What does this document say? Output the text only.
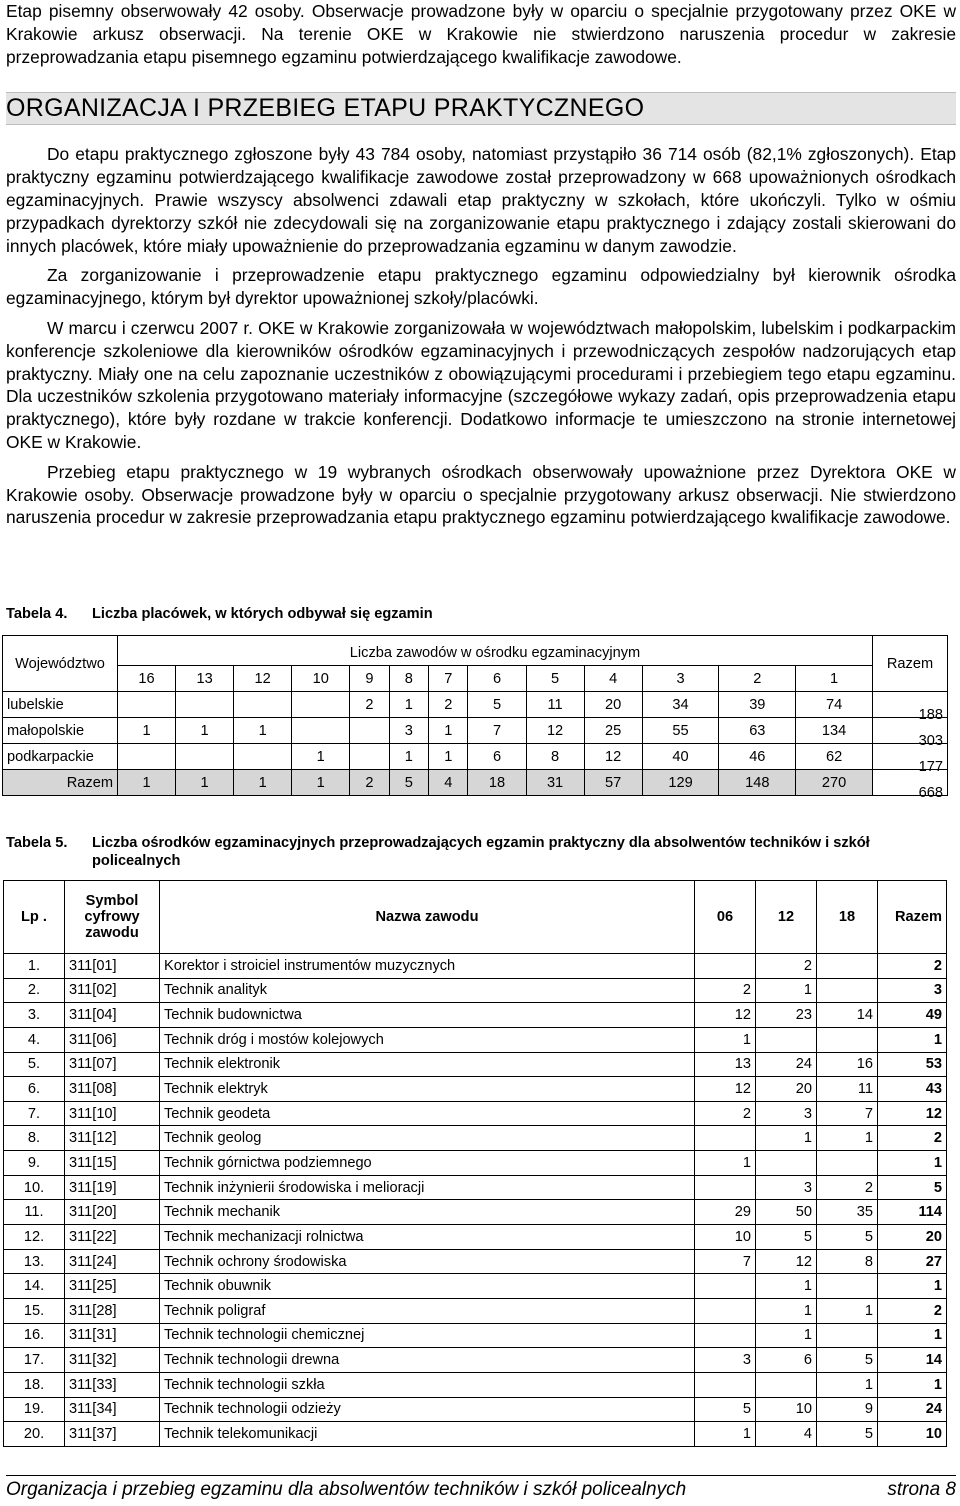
Etap pisemny obserwowały 42 osoby. Obserwacje prowadzone były w oparciu o specjalnie przygotowany przez OKE w Krakowie arkusz obserwacji. Na terenie OKE w Krakowie nie stwierdzono naruszenia procedur w zakresie przeprowadzania etapu pisemnego egzaminu potwierdzającego kwalifikacje zawodowe.

ORGANIZACJA I PRZEBIEG ETAPU PRAKTYCZNEGO

Do etapu praktycznego zgłoszone były 43 784 osoby, natomiast przystąpiło 36 714 osób (82,1% zgłoszonych). Etap praktyczny egzaminu potwierdzającego kwalifikacje zawodowe został przeprowadzony w 668 upoważnionych ośrodkach egzaminacyjnych. Prawie wszyscy absolwenci zdawali etap praktyczny w szkołach, które ukończyli. Tylko w ośmiu przypadkach dyrektorzy szkół nie zdecydowali się na zorganizowanie etapu praktycznego i zdający zostali skierowani do innych placówek, które miały upoważnienie do przeprowadzania egzaminu w danym zawodzie.

Za zorganizowanie i przeprowadzenie etapu praktycznego egzaminu odpowiedzialny był kierownik ośrodka egzaminacyjnego, którym był dyrektor upoważnionej szkoły/placówki.

W marcu i czerwcu 2007 r. OKE w Krakowie zorganizowała w województwach małopolskim, lubelskim i podkarpackim konferencje szkoleniowe dla kierowników ośrodków egzaminacyjnych i przewodniczących zespołów nadzorujących etap praktyczny. Miały one na celu zapoznanie uczestników z obowiązującymi procedurami i przebiegiem tego etapu egzaminu. Dla uczestników szkolenia przygotowano materiały informacyjne (szczegółowe wykazy zadań, opis przeprowadzenia etapu praktycznego), które były rozdane w trakcie konferencji. Dodatkowo informacje te umieszczono na stronie internetowej OKE w Krakowie.

Przebieg etapu praktycznego w 19 wybranych ośrodkach obserwowały upoważnione przez Dyrektora OKE w Krakowie osoby. Obserwacje prowadzone były w oparciu o specjalnie przygotowany arkusz obserwacji. Nie stwierdzono naruszenia procedur w zakresie przeprowadzania etapu praktycznego egzaminu potwierdzającego kwalifikacje zawodowe.

Tabela 4.	Liczba placówek, w których odbywał się egzamin
Województwo	Liczba zawodów w ośrodku egzaminacyjnym													Razem
	16	13	12	10	9	8	7	6	5	4	3	2	1	
lubelskie					2	1	2	5	11	20	34	39	74	188
małopolskie	1	1	1			3	1	7	12	25	55	63	134	303
podkarpackie				1		1	1	6	8	12	40	46	62	177
Razem	1	1	1	1	2	5	4	18	31	57	129	148	270	668
Tabela 5.	Liczba ośrodków egzaminacyjnych przeprowadzających egzamin praktyczny dla absolwentów techników i szkół policealnych
Lp .	Symbol cyfrowy zawodu	Nazwa zawodu	06	12	18	Razem
1.	311[01]	Korektor i stroiciel instrumentów muzycznych		2		2
2.	311[02]	Technik analityk	2	1		3
3.	311[04]	Technik budownictwa	12	23	14	49
4.	311[06]	Technik dróg i mostów kolejowych	1			1
5.	311[07]	Technik elektronik	13	24	16	53
6.	311[08]	Technik elektryk	12	20	11	43
7.	311[10]	Technik geodeta	2	3	7	12
8.	311[12]	Technik geolog		1	1	2
9.	311[15]	Technik górnictwa podziemnego	1			1
10.	311[19]	Technik inżynierii środowiska i melioracji		3	2	5
11.	311[20]	Technik mechanik	29	50	35	114
12.	311[22]	Technik mechanizacji rolnictwa	10	5	5	20
13.	311[24]	Technik ochrony środowiska	7	12	8	27
14.	311[25]	Technik obuwnik		1		1
15.	311[28]	Technik poligraf		1	1	2
16.	311[31]	Technik technologii chemicznej		1		1
17.	311[32]	Technik technologii drewna	3	6	5	14
18.	311[33]	Technik technologii szkła			1	1
19.	311[34]	Technik technologii odzieży	5	10	9	24
20.	311[37]	Technik telekomunikacji	1	4	5	10
Organizacja i przebieg egzaminu dla absolwentów techników i szkół policealnych	strona 8
